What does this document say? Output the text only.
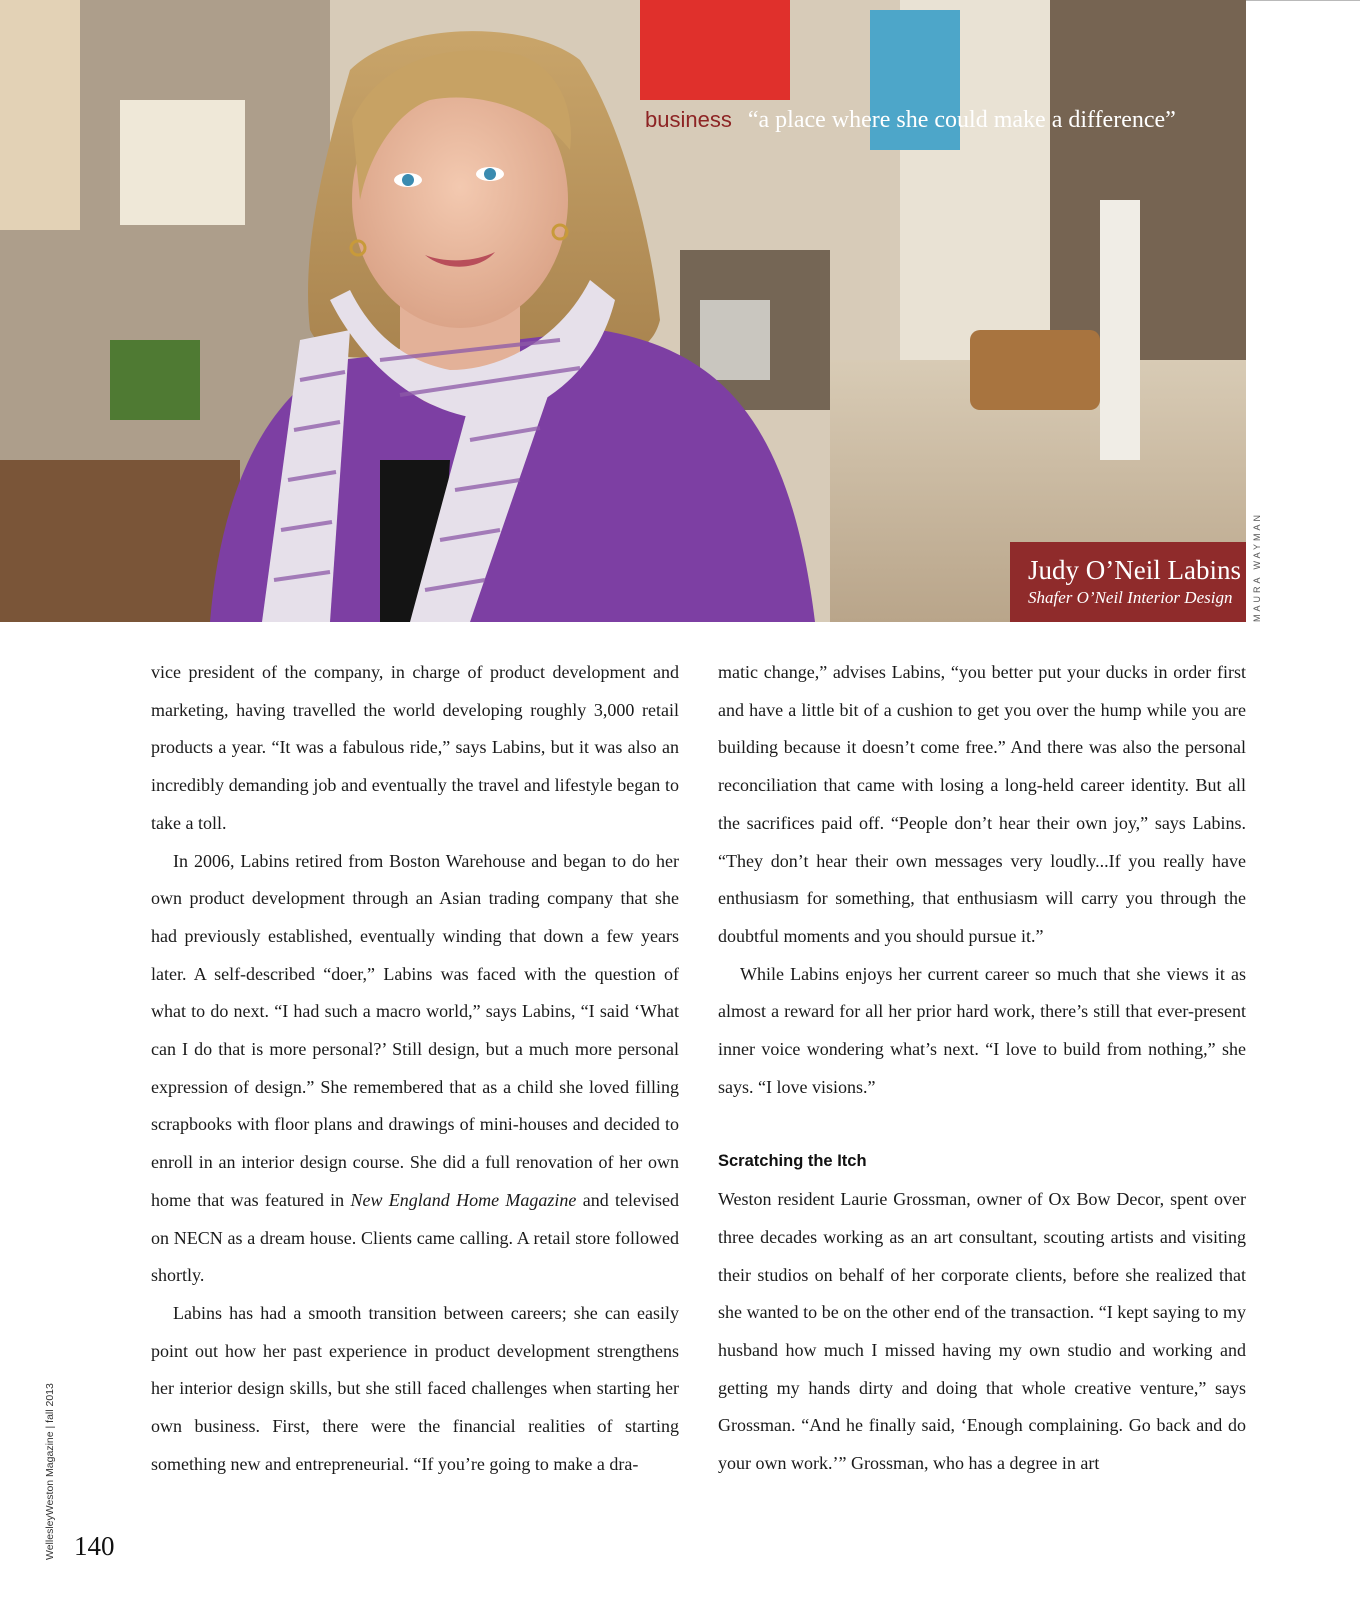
business “a place where she could make a difference”
Judy O’Neil Labins
Shafer O’Neil Interior Design	MAURA WAYMAN

vice president of the company, in charge of product development and marketing, having travelled the world developing roughly 3,000 retail products a year. “It was a fabulous ride,” says Labins, but it was also an incredibly demanding job and eventually the travel and lifestyle began to take a toll.

In 2006, Labins retired from Boston Warehouse and began to do her own product development through an Asian trading company that she had previously established, eventually winding that down a few years later. A self-described “doer,” Labins was faced with the question of what to do next. “I had such a macro world,” says Labins, “I said ‘What can I do that is more personal?’ Still design, but a much more personal expression of design.” She remembered that as a child she loved filling scrapbooks with floor plans and drawings of mini-houses and decided to enroll in an interior design course. She did a full renovation of her own home that was featured in New England Home Magazine and televised on NECN as a dream house. Clients came calling. A retail store followed shortly.

Labins has had a smooth transition between careers; she can easily point out how her past experience in product development strengthens her interior design skills, but she still faced challenges when starting her own business. First, there were the financial realities of starting something new and entrepreneurial. “If you’re going to make a dra-

matic change,” advises Labins, “you better put your ducks in order first and have a little bit of a cushion to get you over the hump while you are building because it doesn’t come free.” And there was also the personal reconciliation that came with losing a long-held career identity. But all the sacrifices paid off. “People don’t hear their own joy,” says Labins. “They don’t hear their own messages very loudly...If you really have enthusiasm for something, that enthusiasm will carry you through the doubtful moments and you should pursue it.”

While Labins enjoys her current career so much that she views it as almost a reward for all her prior hard work, there’s still that ever-present inner voice wondering what’s next. “I love to build from nothing,” she says. “I love visions.”

Scratching the Itch

Weston resident Laurie Grossman, owner of Ox Bow Decor, spent over three decades working as an art consultant, scouting artists and visiting their studios on behalf of her corporate clients, before she realized that she wanted to be on the other end of the transaction. “I kept saying to my husband how much I missed having my own studio and working and getting my hands dirty and doing that whole creative venture,” says Grossman. “And he finally said, ‘Enough complaining. Go back and do your own work.’” Grossman, who has a degree in art

WellesleyWeston Magazine | fall 2013 140
